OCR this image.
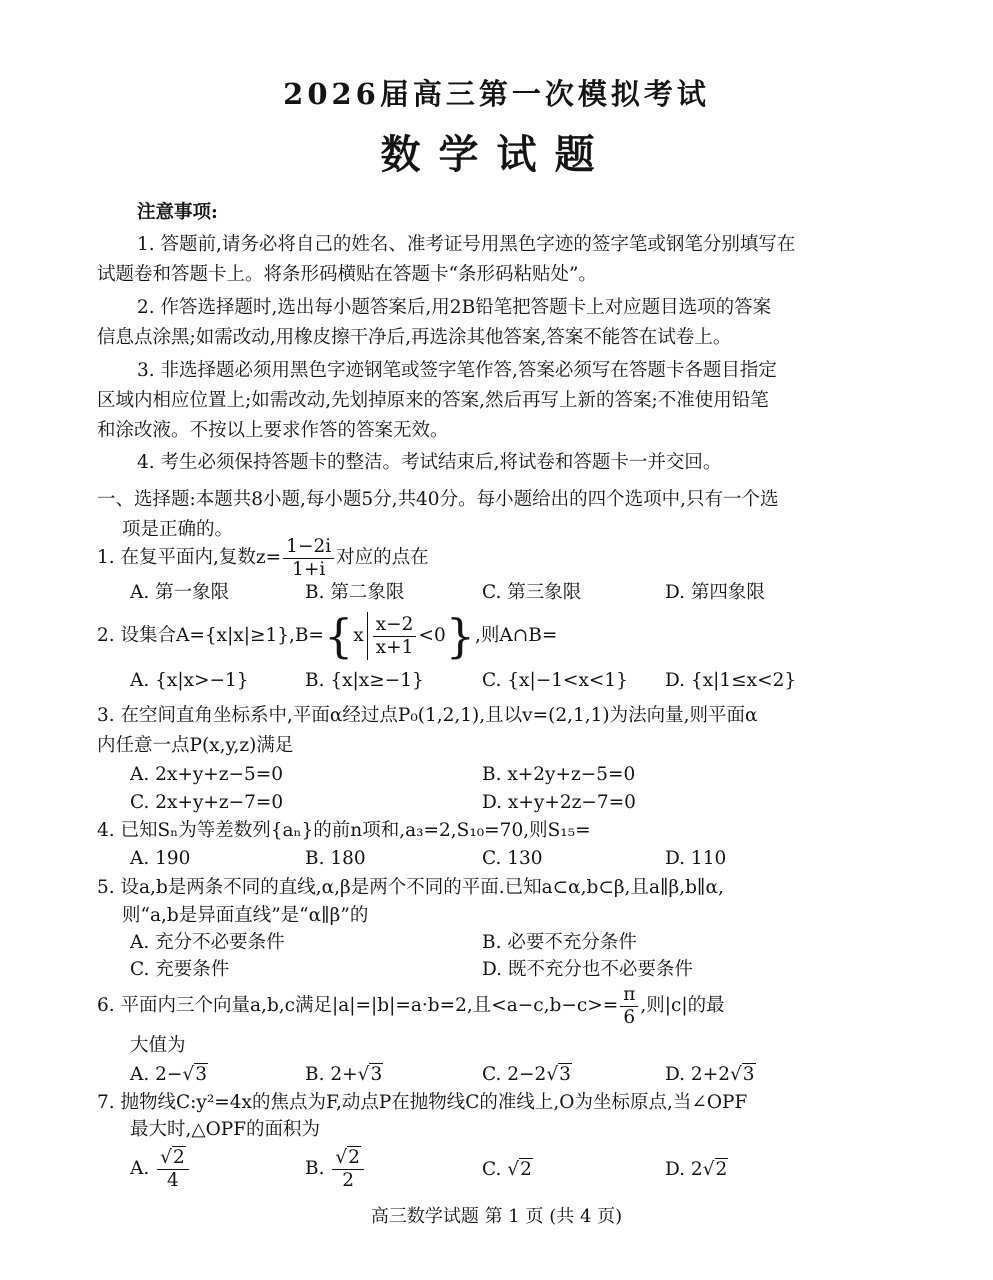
2026届高三第一次模拟考试
数学试题
注意事项:
1. 答题前,请务必将自己的姓名、准考证号用黑色字迹的签字笔或钢笔分别填写在
试题卷和答题卡上。将条形码横贴在答题卡“条形码粘贴处”。
2. 作答选择题时,选出每小题答案后,用2B铅笔把答题卡上对应题目选项的答案
信息点涂黑;如需改动,用橡皮擦干净后,再选涂其他答案,答案不能答在试卷上。
3. 非选择题必须用黑色字迹钢笔或签字笔作答,答案必须写在答题卡各题目指定
区域内相应位置上;如需改动,先划掉原来的答案,然后再写上新的答案;不准使用铅笔
和涂改液。不按以上要求作答的答案无效。
4. 考生必须保持答题卡的整洁。考试结束后,将试卷和答题卡一并交回。
一、选择题:本题共8小题,每小题5分,共40分。每小题给出的四个选项中,只有一个选
项是正确的。
1. 在复平面内,复数$z= \frac{1-2i}{1+i}$ 对应的点在
A. 第一象限	B. 第二象限	C. 第三象限	D. 第四象限
2. 设集合$A=\{x|x|\ge 1\},B=\{x \frac{x-2}{x+1} <0\}$,则A∩B=
A. {x|x>−1}	B. {x|x≥−1}	C. {x|−1<x<1} D. {x|1≤x<2}
3. 在空间直角坐标系中,平面α经过点P₀(1,2,1),且以v=(2,1,1)为法向量,则平面α
内任意一点P(x,y,z)满足
A. 2x+y+z−5=0	B. x+2y+z−5=0
C. 2x+y+z−7=0	D. x+y+2z−7=0
4. 已知Sₙ为等差数列{aₙ}的前n项和,a₃=2,S₁₀=70,则S₁₅=
A. 190	B. 180	C. 130	D. 110
5. 设a,b是两条不同的直线,α,β是两个不同的平面.已知a⊂α,b⊂β,且a∥β,b∥α,
则“a,b是异面直线”是“α∥β”的
A. 充分不必要条件	B. 必要不充分条件
C. 充要条件	D. 既不充分也不必要条件
6. 平面内三个向量a,b,c满足|a|=|b|=a·b=2,且$<a-c,b-c>= \frac{\pi}{6}$ ,则|c|的最
大值为
A. 2−√3	B. 2+√3	C. 2−2√3	D. 2+2√3
7. 抛物线C:y²=4x的焦点为F,动点P在抛物线C的准线上,O为坐标原点,当∠OPF
最大时,△OPF的面积为
A. $\frac{√2}{4}$	B. $\frac{√2}{2}$	C. √2	D. 2√2
高三数学试题 第 1 页 (共 4 页)
